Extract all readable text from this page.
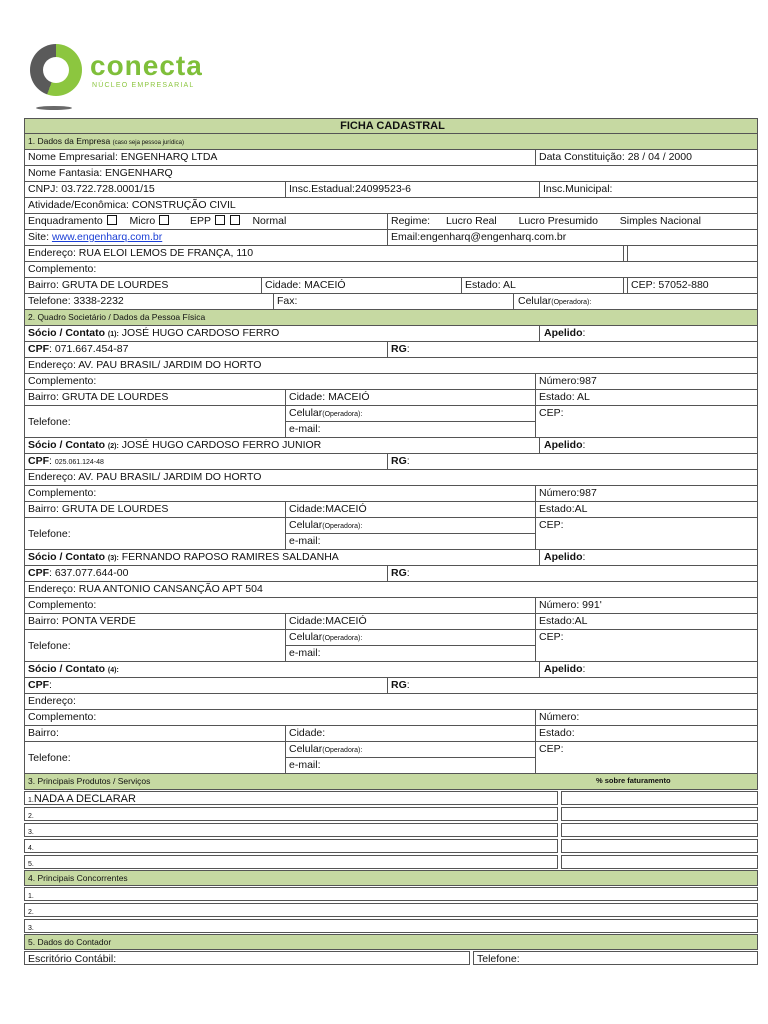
conecta
NÚCLEO EMPRESARIAL
FICHA CADASTRAL
1. Dados da Empresa (caso seja pessoa jurídica)
Nome Empresarial: ENGENHARQ LTDA	Data Constituição: 28 / 04 / 2000
Nome Fantasia: ENGENHARQ
CNPJ: 03.722.728.0001/15	Insc.Estadual:24099523-6	Insc.Municipal:
Atividade/Econômica: CONSTRUÇÃO CIVIL
Enquadramento	Micro	EPP	Normal	Regime: Lucro Real Lucro Presumido Simples Nacional
Site: www.engenharq.com.br	Email:engenharq@engenharq.com.br
Endereço: RUA ELOI LEMOS DE FRANÇA, 110
Complemento:
Bairro: GRUTA DE LOURDES	Cidade: MACEIÓ	Estado: AL	CEP: 57052-880
Telefone: 3338-2232	Fax:	Celular(Operadora):
2. Quadro Societário / Dados da Pessoa Física
Sócio / Contato (1): JOSÉ HUGO CARDOSO FERRO	Apelido:
CPF: 071.667.454-87	RG:
Endereço: AV. PAU BRASIL/ JARDIM DO HORTO
Complemento:	Número:987
Bairro: GRUTA DE LOURDES	Cidade: MACEIÓ	Estado: AL
Telefone:
Celular(Operadora):
e-mail:
CEP:
Sócio / Contato (2): JOSÉ HUGO CARDOSO FERRO JUNIOR	Apelido:
CPF: 025.061.124-48	RG:
Endereço: AV. PAU BRASIL/ JARDIM DO HORTO
Complemento:	Número:987
Bairro: GRUTA DE LOURDES	Cidade:MACEIÓ	Estado:AL
Telefone:
Celular(Operadora):
e-mail:
CEP:
Sócio / Contato (3): FERNANDO RAPOSO RAMIRES SALDANHA	Apelido:
CPF: 637.077.644-00	RG:
Endereço: RUA ANTONIO CANSANÇÃO APT 504
Complemento:	Número: 991'
Bairro: PONTA VERDE	Cidade:MACEIÓ	Estado:AL
Telefone:
Celular(Operadora):
e-mail:
CEP:
Sócio / Contato (4):	Apelido:
CPF:	RG:
Endereço:
Complemento:	Número:
Bairro:	Cidade:	Estado:
Telefone:
Celular(Operadora):
e-mail:
CEP:
3. Principais Produtos / Serviços	% sobre faturamento
1.NADA A DECLARAR
2.
3.
4.
5.
4. Principais Concorrentes
1.
2.
3.
5. Dados do Contador
Escritório Contábil:	Telefone:
